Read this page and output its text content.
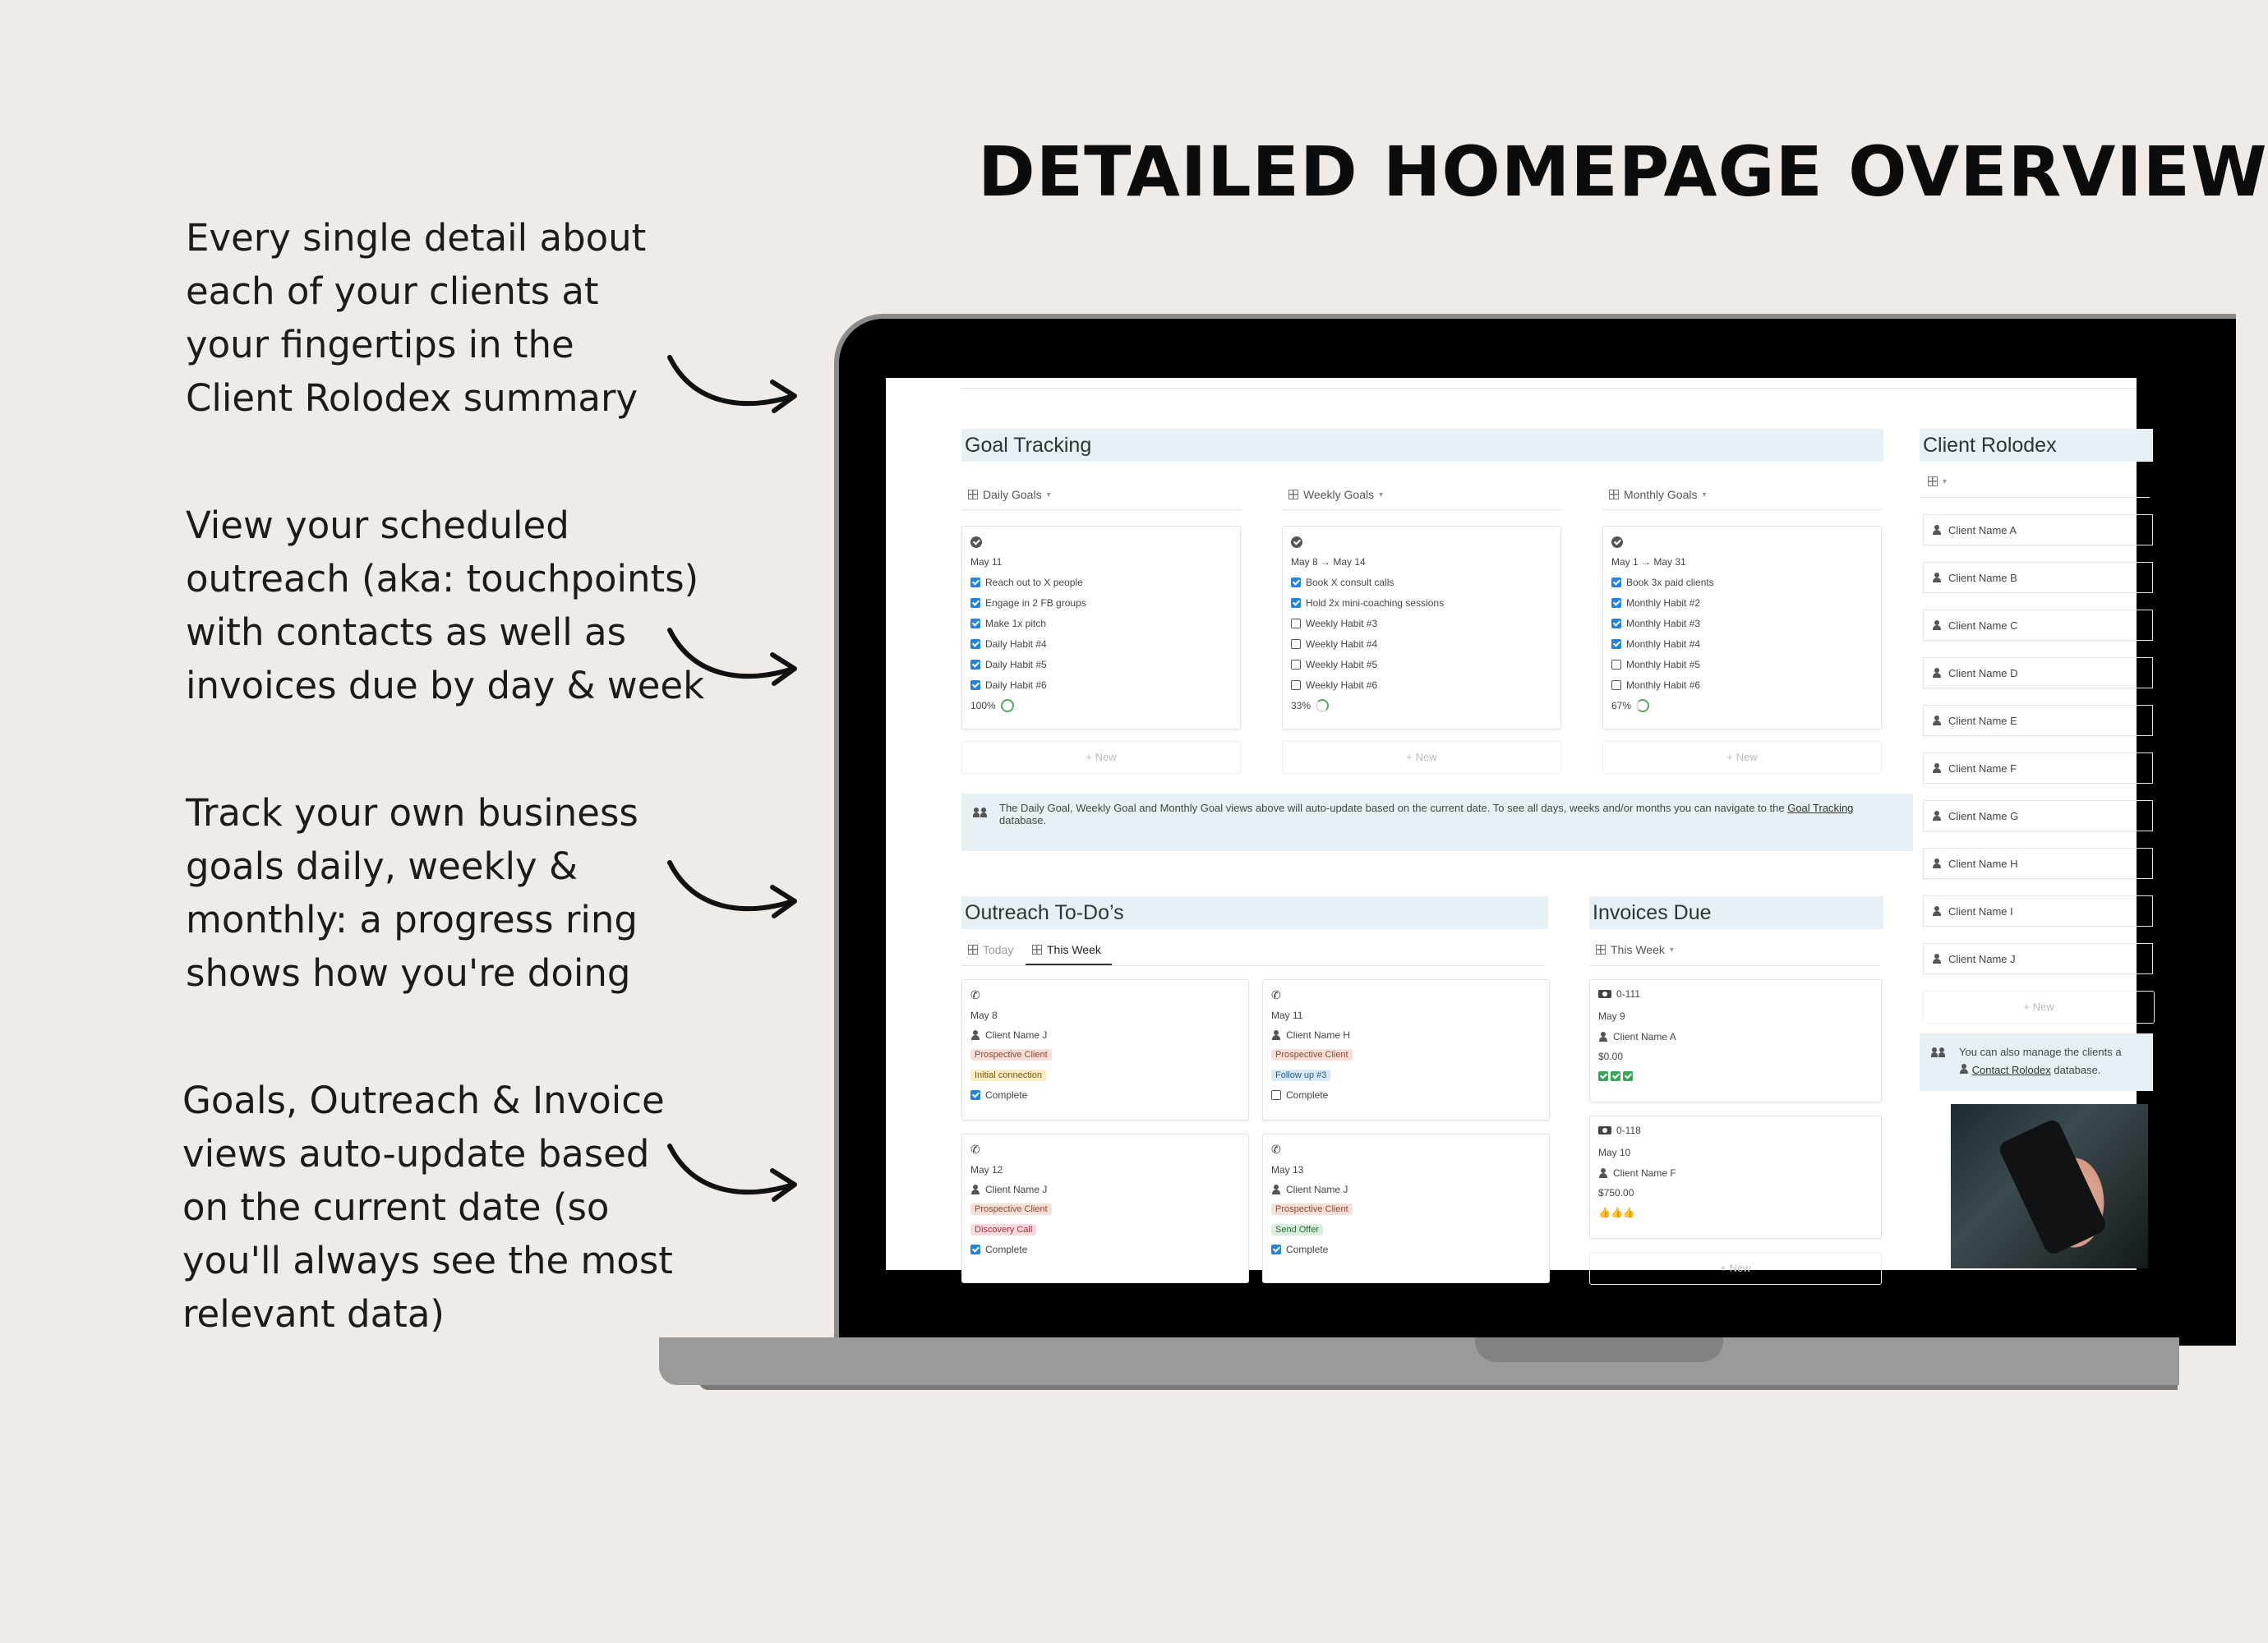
DETAILED HOMEPAGE OVERVIEW
Every single detail about
each of your clients at
your fingertips in the
Client Rolodex summary
View your scheduled
outreach (aka: touchpoints)
with contacts as well as
invoices due by day & week
Track your own business
goals daily, weekly &
monthly: a progress ring
shows how you're doing
Goals, Outreach & Invoice
views auto-update based
on the current date (so
you'll always see the most
relevant data)
Goal Tracking
Daily Goals ▾	Weekly Goals ▾	Monthly Goals ▾
May 11
Reach out to X people
Engage in 2 FB groups
Make 1x pitch
Daily Habit #4
Daily Habit #5
Daily Habit #6
100%
May 8 → May 14
Book X consult calls
Hold 2x mini-coaching sessions
Weekly Habit #3
Weekly Habit #4
Weekly Habit #5
Weekly Habit #6
33%
May 1 → May 31
Book 3x paid clients
Monthly Habit #2
Monthly Habit #3
Monthly Habit #4
Monthly Habit #5
Monthly Habit #6
67%
+ New	+ New	+ New
The Daily Goal, Weekly Goal and Monthly Goal views above will auto-update based on the current date. To see all days, weeks and/or months you can navigate to the Goal Tracking database.
Outreach To-Do’s
Today	This Week
✆
May 8
Client Name J
Prospective Client
Initial connection
Complete
✆
May 11
Client Name H
Prospective Client
Follow up #3
Complete
✆
May 12
Client Name J
Prospective Client
Discovery Call
Complete
✆
May 13
Client Name J
Prospective Client
Send Offer
Complete
Invoices Due
This Week ▾
0-111
May 9
Client Name A
$0.00
0-118
May 10
Client Name F
$750.00
👍👍👍
+ New
Client Rolodex
▾
Client Name A
Client Name B
Client Name C
Client Name D
Client Name E
Client Name F
Client Name G
Client Name H
Client Name I
Client Name J
+ New
You can also manage the clients a
Contact Rolodex database.
